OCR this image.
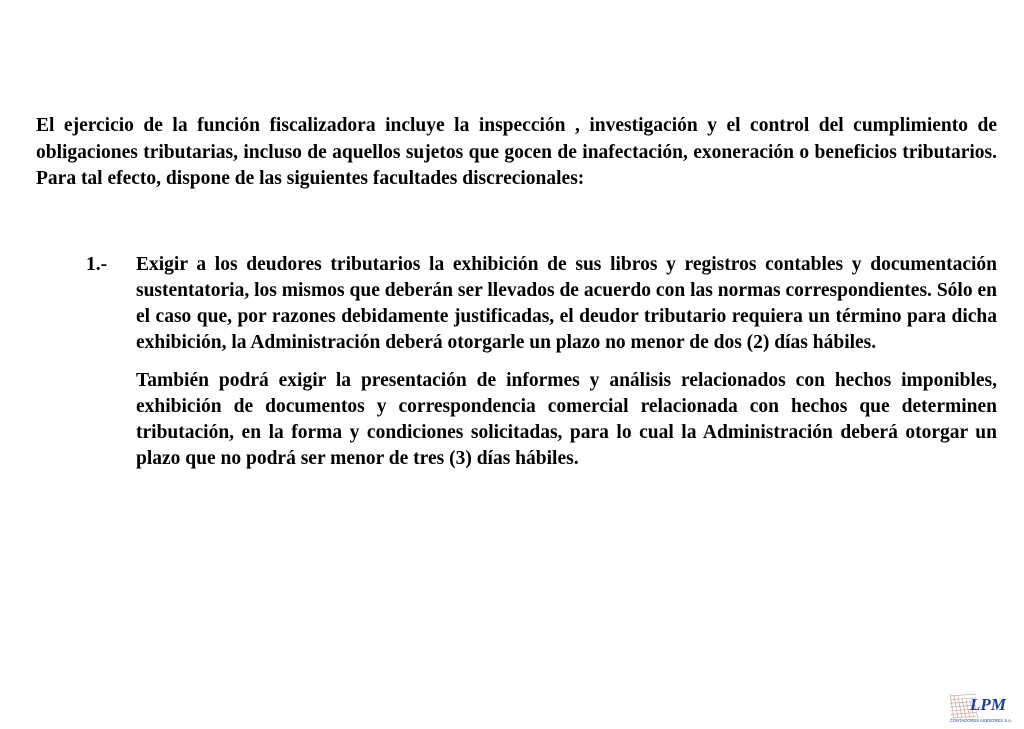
El ejercicio de la función fiscalizadora incluye la inspección , investigación y el control del cumplimiento de obligaciones tributarias, incluso de aquellos sujetos que gocen de inafectación, exoneración o beneficios tributarios. Para tal efecto, dispone de las siguientes facultades discrecionales:

1.- Exigir a los deudores tributarios la exhibición de sus libros y registros contables y documentación sustentatoria, los mismos que deberán ser llevados de acuerdo con las normas correspondientes. Sólo en el caso que, por razones debidamente justificadas, el deudor tributario requiera un término para dicha exhibición, la Administración deberá otorgarle un plazo no menor de dos (2) días hábiles.

También podrá exigir la presentación de informes y análisis relacionados con hechos imponibles, exhibición de documentos y correspondencia comercial relacionada con hechos que determinen tributación, en la forma y condiciones solicitadas, para lo cual la Administración deberá otorgar un plazo que no podrá ser menor de tres (3) días hábiles.

LPM
CONTADORES ASESORES S.A.
